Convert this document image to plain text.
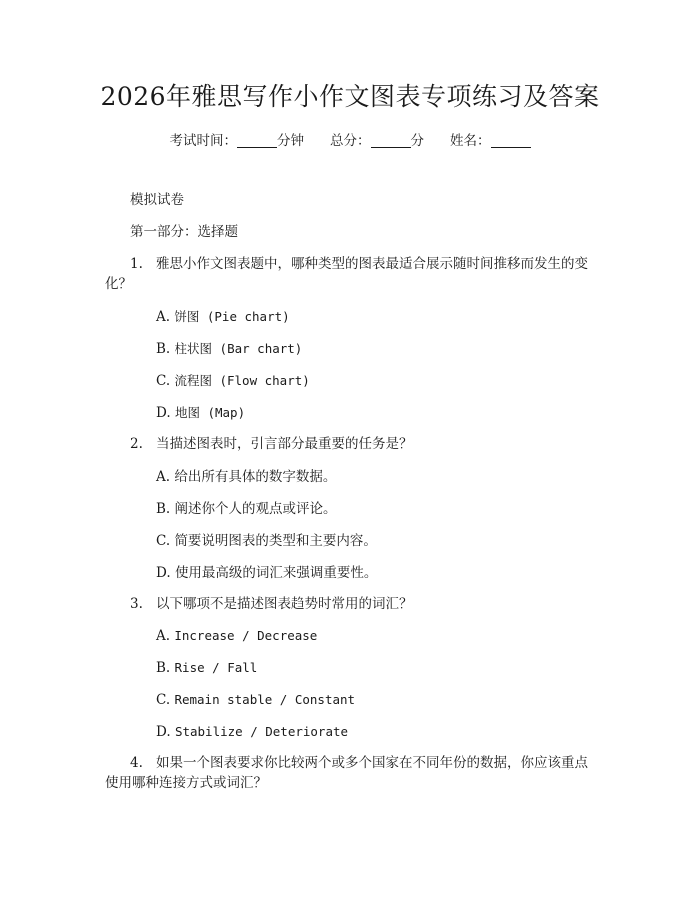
2026年雅思写作小作文图表专项练习及答案
考试时间：	分钟 总分：	分 姓名：
模拟试卷
第一部分：选择题
1. 雅思小作文图表题中，哪种类型的图表最适合展示随时间推移而发生的变
化？
A. 饼图 (Pie chart)
B. 柱状图 (Bar chart)
C. 流程图 (Flow chart)
D. 地图 (Map)
2. 当描述图表时，引言部分最重要的任务是？
A. 给出所有具体的数字数据。
B. 阐述你个人的观点或评论。
C. 简要说明图表的类型和主要内容。
D. 使用最高级的词汇来强调重要性。
3. 以下哪项不是描述图表趋势时常用的词汇？
A. Increase / Decrease
B. Rise / Fall
C. Remain stable / Constant
D. Stabilize / Deteriorate
4. 如果一个图表要求你比较两个或多个国家在不同年份的数据，你应该重点
使用哪种连接方式或词汇？
